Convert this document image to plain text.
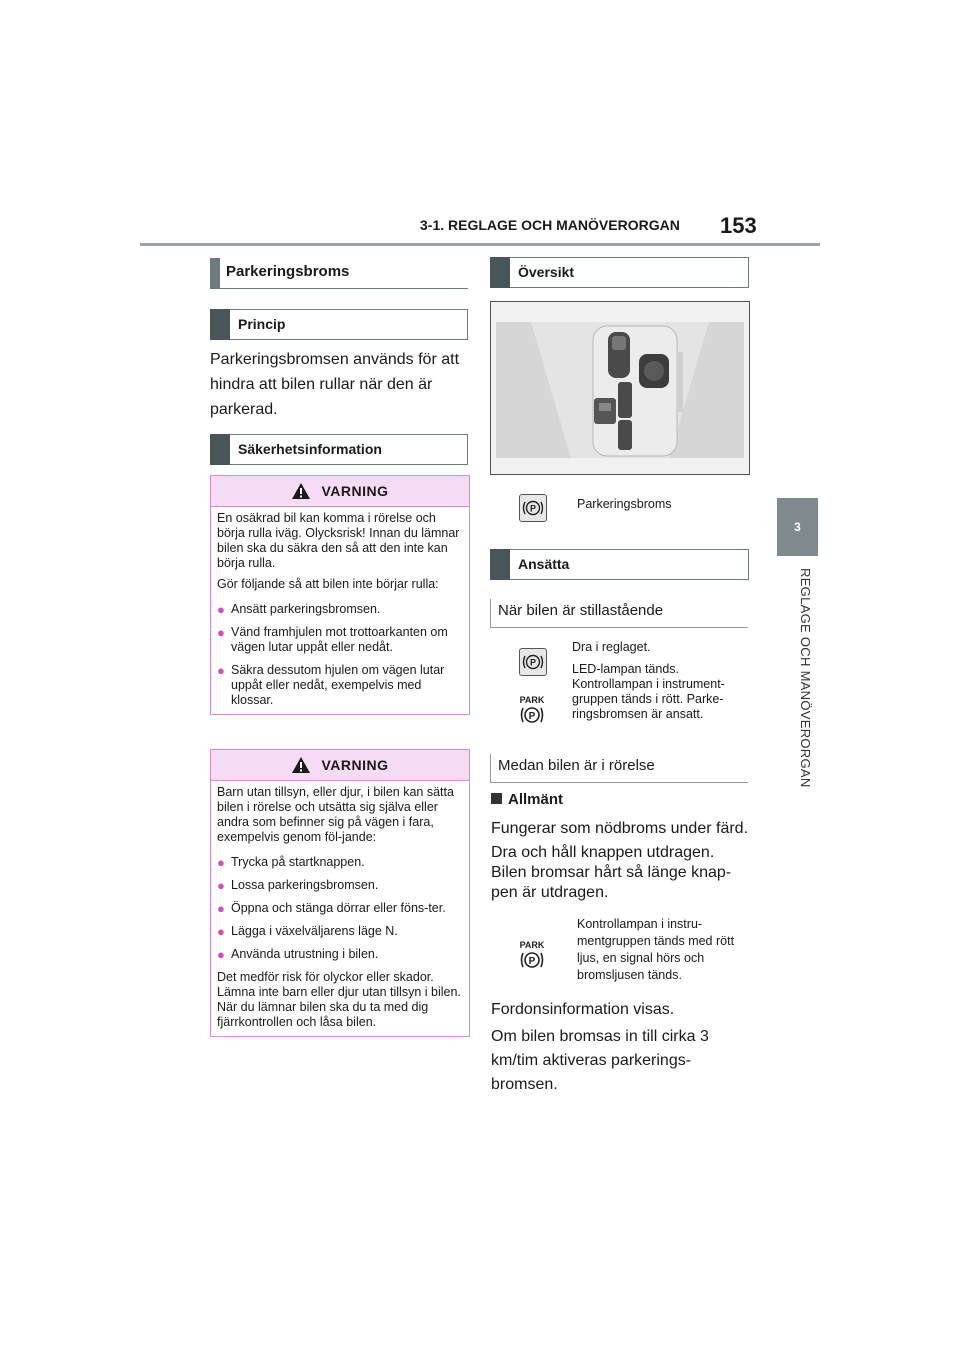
3-1. REGLAGE OCH MANÖVERORGAN 153
3
REGLAGE OCH MANÖVERORGAN
Parkeringsbroms
Princip
Parkeringsbromsen används för att hindra att bilen rullar när den är parkerad.
Säkerhetsinformation
VARNING

En osäkrad bil kan komma i rörelse och börja rulla iväg. Olycksrisk! Innan du lämnar bilen ska du säkra den så att den inte kan börja rulla.

Gör följande så att bilen inte börjar rulla:

● Ansätt parkeringsbromsen.
● Vänd framhjulen mot trottoarkanten om vägen lutar uppåt eller nedåt.
● Säkra dessutom hjulen om vägen lutar uppåt eller nedåt, exempelvis med klossar.
VARNING

Barn utan tillsyn, eller djur, i bilen kan sätta bilen i rörelse och utsätta sig själva eller andra som befinner sig på vägen i fara, exempelvis genom föl-jande:

● Trycka på startknappen.
● Lossa parkeringsbromsen.
● Öppna och stänga dörrar eller föns-ter.
● Lägga i växelväljarens läge N.
● Använda utrustning i bilen.

Det medför risk för olyckor eller skador. Lämna inte barn eller djur utan tillsyn i bilen. När du lämnar bilen ska du ta med dig fjärrkontrollen och låsa bilen.

Översikt
P	Parkeringsbroms
Ansätta
När bilen är stillastående
P
PARK
P
Dra i reglaget.
LED-lampan tänds. Kontrollampan i instrument-gruppen tänds i rött. Parke-ringsbromsen är ansatt.
Medan bilen är i rörelse
Allmänt
Fungerar som nödbroms under färd.
Dra och håll knappen utdragen. Bilen bromsar hårt så länge knap-pen är utdragen.
PARK
P
Kontrollampan i instru-mentgruppen tänds med rött ljus, en signal hörs och bromsljusen tänds.
Fordonsinformation visas.
Om bilen bromsas in till cirka 3 km/tim aktiveras parkerings-bromsen.
